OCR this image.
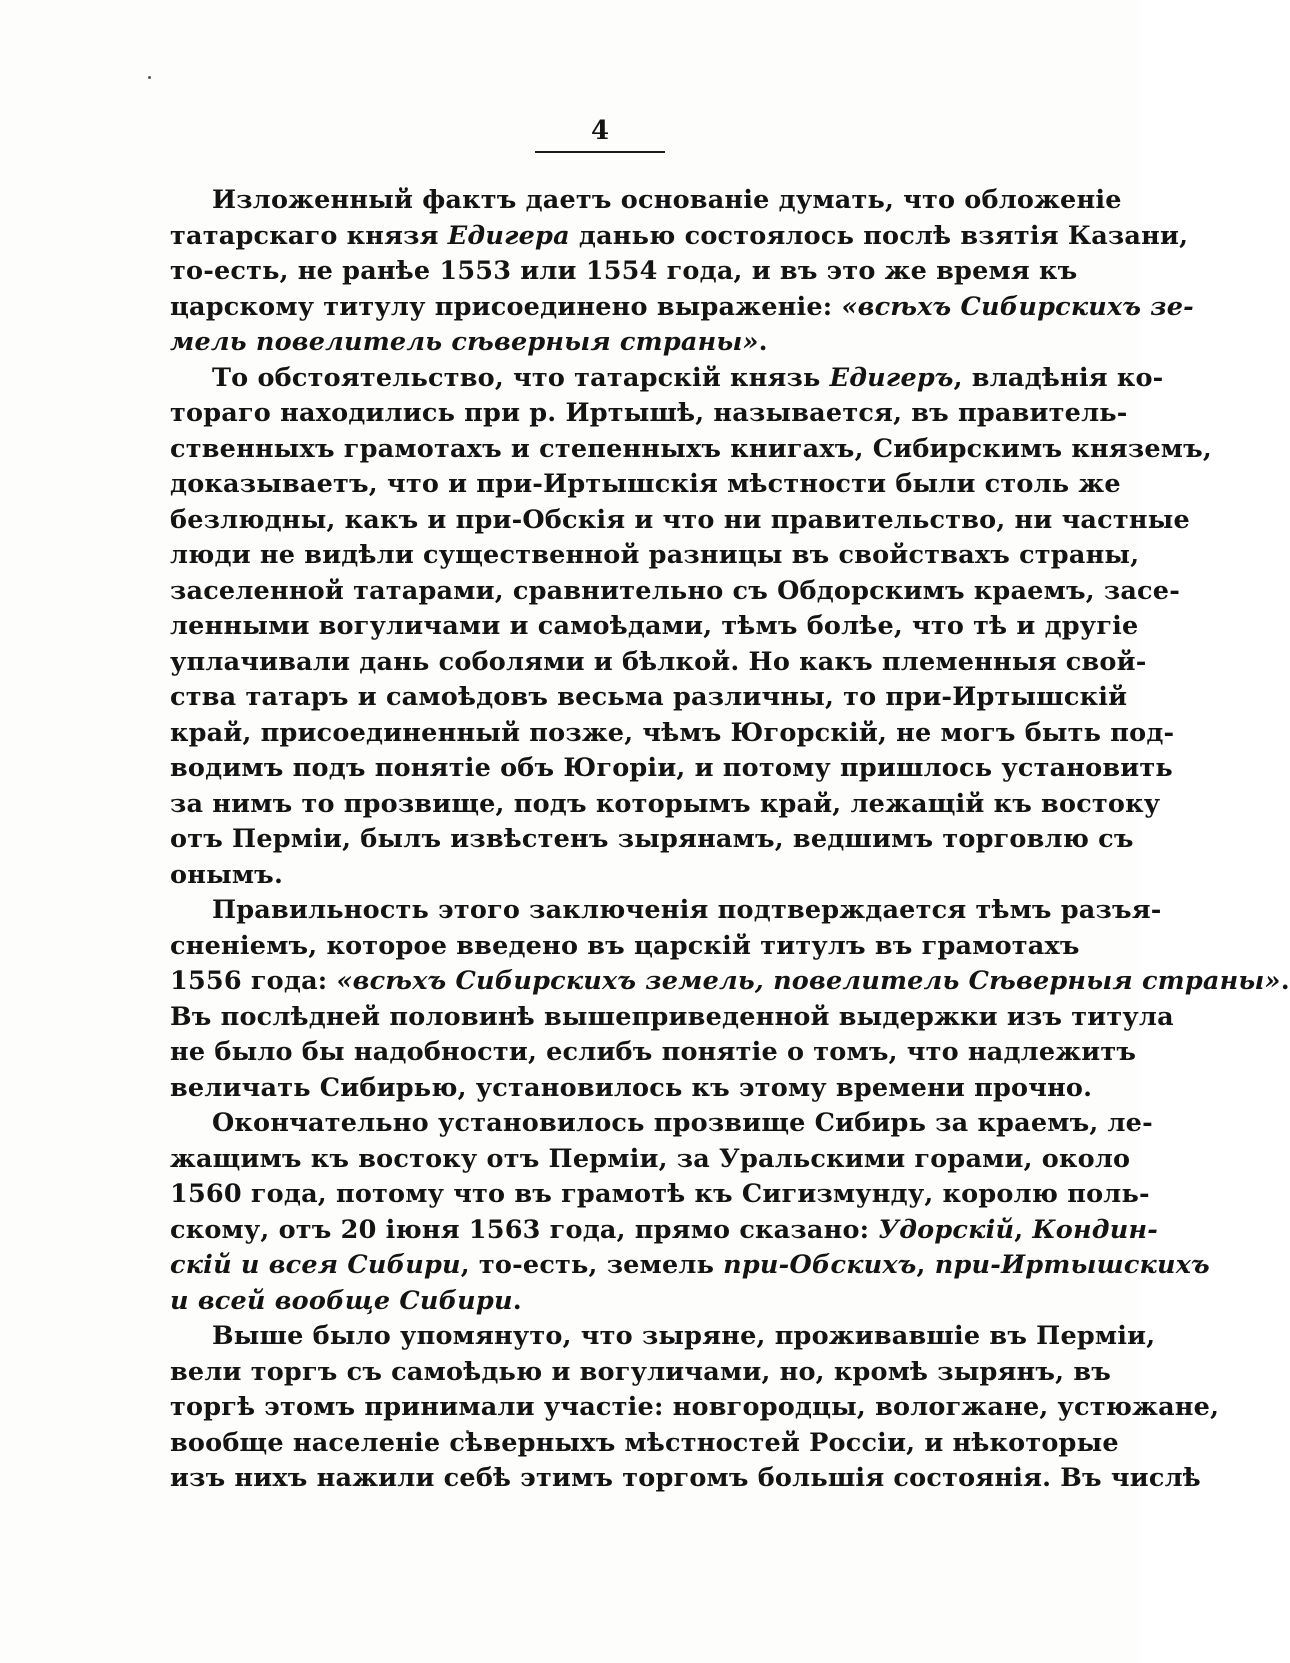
4
Изложенный фактъ даетъ основаніе думать, что обложеніе
татарскаго князя Едигера данью состоялось послѣ взятія Казани,
то-есть, не ранѣе 1553 или 1554 года, и въ это же время къ
царскому титулу присоединено выраженіе: «всѣхъ Сибирскихъ зе-
мель повелитель сѣверныя страны».
То обстоятельство, что татарскій князь Едигеръ, владѣнія ко-
тораго находились при р. Иртышѣ, называется, въ правитель-
ственныхъ грамотахъ и степенныхъ книгахъ, Сибирскимъ княземъ,
доказываетъ, что и при-Иртышскія мѣстности были столь же
безлюдны, какъ и при-Обскія и что ни правительство, ни частные
люди не видѣли существенной разницы въ свойствахъ страны,
заселенной татарами, сравнительно съ Обдорскимъ краемъ, засе-
ленными вогуличами и самоѣдами, тѣмъ болѣе, что тѣ и другіе
уплачивали дань соболями и бѣлкой. Но какъ племенныя свой-
ства татаръ и самоѣдовъ весьма различны, то при-Иртышскій
край, присоединенный позже, чѣмъ Югорскій, не могъ быть под-
водимъ подъ понятіе объ Югоріи, и потому пришлось установить
за нимъ то прозвище, подъ которымъ край, лежащій къ востоку
отъ Перміи, былъ извѣстенъ зырянамъ, ведшимъ торговлю съ
онымъ.
Правильность этого заключенія подтверждается тѣмъ разъя-
сненіемъ, которое введено въ царскій титулъ въ грамотахъ
1556 года: «всѣхъ Сибирскихъ земель, повелитель Сѣверныя страны».
Въ послѣдней половинѣ вышеприведенной выдержки изъ титула
не было бы надобности, еслибъ понятіе о томъ, что надлежитъ
величать Сибирью, установилось къ этому времени прочно.
Окончательно установилось прозвище Сибирь за краемъ, ле-
жащимъ къ востоку отъ Перміи, за Уральскими горами, около
1560 года, потому что въ грамотѣ къ Сигизмунду, королю поль-
скому, отъ 20 іюня 1563 года, прямо сказано: Удорскій, Кондин-
скій и всея Сибири, то-есть, земель при-Обскихъ, при-Иртышскихъ
и всей вообще Сибири.
Выше было упомянуто, что зыряне, проживавшіе въ Перміи,
вели торгъ съ самоѣдью и вогуличами, но, кромѣ зырянъ, въ
торгѣ этомъ принимали участіе: новгородцы, вологжане, устюжане,
вообще населеніе сѣверныхъ мѣстностей Россіи, и нѣкоторые
изъ нихъ нажили себѣ этимъ торгомъ большія состоянія. Въ числѣ
